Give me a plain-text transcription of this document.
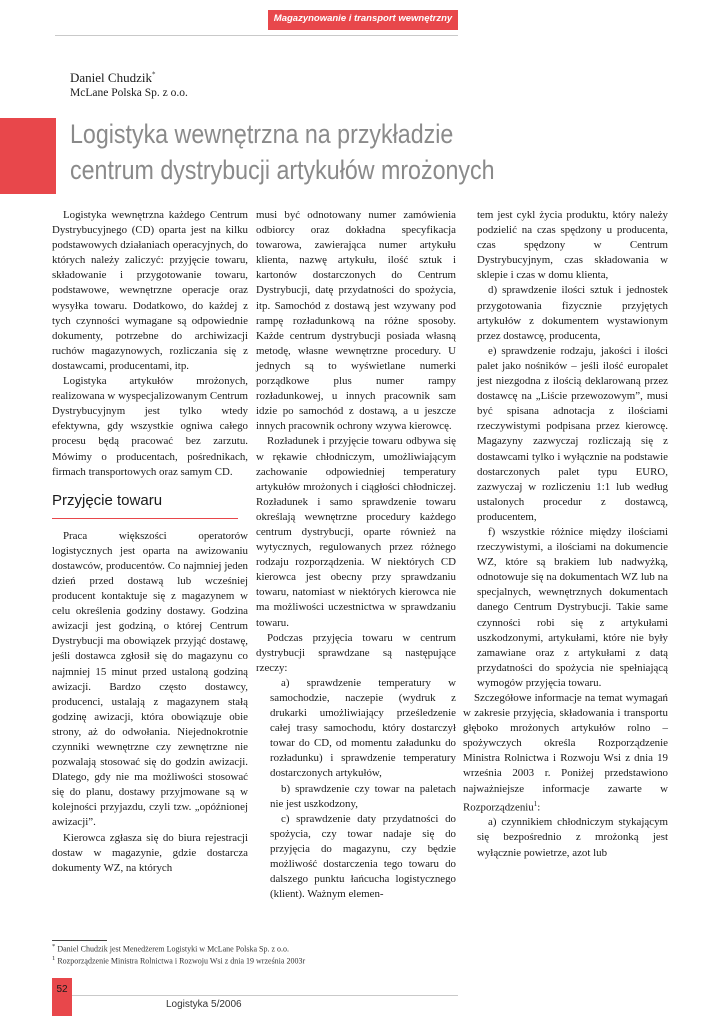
Magazynowanie i transport wewnętrzny
Daniel Chudzik*
McLane Polska Sp. z o.o.
Logistyka wewnętrzna na przykładzie
centrum dystrybucji artykułów mrożonych

Logistyka wewnętrzna każdego Centrum Dystrybucyjnego (CD) oparta jest na kilku podstawowych działaniach operacyjnych, do których należy zaliczyć: przyjęcie towaru, składowanie i przygotowanie towaru, podstawowe, wewnętrzne operacje oraz wysyłka towaru. Dodatkowo, do każdej z tych czynności wymagane są odpowiednie dokumenty, potrzebne do archiwizacji ruchów magazynowych, rozliczania się z dostawcami, producentami, itp.

Logistyka artykułów mrożonych, realizowana w wyspecjalizowanym Centrum Dystrybucyjnym jest tylko wtedy efektywna, gdy wszystkie ogniwa całego procesu będą pracować bez zarzutu. Mówimy o producentach, pośrednikach, firmach transportowych oraz samym CD.

Przyjęcie towaru

Praca większości operatorów logistycznych jest oparta na awizowaniu dostawców, producentów. Co najmniej jeden dzień przed dostawą lub wcześniej producent kontaktuje się z magazynem w celu określenia godziny dostawy. Godzina awizacji jest godziną, o której Centrum Dystrybucji ma obowiązek przyjąć dostawę, jeśli dostawca zgłosił się do magazynu co najmniej 15 minut przed ustaloną godziną awizacji. Bardzo często dostawcy, producenci, ustalają z magazynem stałą godzinę awizacji, która obowiązuje obie strony, aż do odwołania. Niejednokrotnie czynniki wewnętrzne czy zewnętrzne nie pozwalają stosować się do godzin awizacji. Dlatego, gdy nie ma możliwości stosować się do planu, dostawy przyjmowane są w kolejności przyjazdu, czyli tzw. „opóźnionej awizacji”.

Kierowca zgłasza się do biura rejestracji dostaw w magazynie, gdzie dostarcza dokumenty WZ, na których

musi być odnotowany numer zamówienia odbiorcy oraz dokładna specyfikacja towarowa, zawierająca numer artykułu klienta, nazwę artykułu, ilość sztuk i kartonów dostarczonych do Centrum Dystrybucji, datę przydatności do spożycia, itp. Samochód z dostawą jest wzywany pod rampę rozładunkową na różne sposoby. Każde centrum dystrybucji posiada własną metodę, własne wewnętrzne procedury. U jednych są to wyświetlane numerki porządkowe plus numer rampy rozładunkowej, u innych pracownik sam idzie po samochód z dostawą, a u jeszcze innych pracownik ochrony wzywa kierowcę.

Rozładunek i przyjęcie towaru odbywa się w rękawie chłodniczym, umożliwiającym zachowanie odpowiedniej temperatury artykułów mrożonych i ciągłości chłodniczej. Rozładunek i samo sprawdzenie towaru określają wewnętrzne procedury każdego centrum dystrybucji, oparte również na wytycznych, regulowanych przez różnego rodzaju rozporządzenia. W niektórych CD kierowca jest obecny przy sprawdzaniu towaru, natomiast w niektórych kierowca nie ma możliwości uczestnictwa w sprawdzaniu towaru.

Podczas przyjęcia towaru w centrum dystrybucji sprawdzane są następujące rzeczy:

a) sprawdzenie temperatury w samochodzie, naczepie (wydruk z drukarki umożliwiający prześledzenie całej trasy samochodu, który dostarczył towar do CD, od momentu załadunku do rozładunku) i sprawdzenie temperatury dostarczonych artykułów,

b) sprawdzenie czy towar na paletach nie jest uszkodzony,

c) sprawdzenie daty przydatności do spożycia, czy towar nadaje się do przyjęcia do magazynu, czy będzie możliwość dostarczenia tego towaru do dalszego punktu łańcucha logistycznego (klient). Ważnym elemen-

tem jest cykl życia produktu, który należy podzielić na czas spędzony u producenta, czas spędzony w Centrum Dystrybucyjnym, czas składowania w sklepie i czas w domu klienta,

d) sprawdzenie ilości sztuk i jednostek przygotowania fizycznie przyjętych artykułów z dokumentem wystawionym przez dostawcę, producenta,

e) sprawdzenie rodzaju, jakości i ilości palet jako nośników – jeśli ilość europalet jest niezgodna z ilością deklarowaną przez dostawcę na „Liście przewozowym”, musi być spisana adnotacja z ilościami rzeczywistymi podpisana przez kierowcę. Magazyny zazwyczaj rozliczają się z dostawcami tylko i wyłącznie na podstawie dostarczonych palet typu EURO, zazwyczaj w rozliczeniu 1:1 lub według ustalonych procedur z dostawcą, producentem,

f) wszystkie różnice między ilościami rzeczywistymi, a ilościami na dokumencie WZ, które są brakiem lub nadwyżką, odnotowuje się na dokumentach WZ lub na specjalnych, wewnętrznych dokumentach danego Centrum Dystrybucji. Takie same czynności robi się z artykułami uszkodzonymi, artykułami, które nie były zamawiane oraz z artykułami z datą przydatności do spożycia nie spełniającą wymogów przyjęcia towaru.

Szczegółowe informacje na temat wymagań w zakresie przyjęcia, składowania i transportu głęboko mrożonych artykułów rolno – spożywczych określa Rozporządzenie Ministra Rolnictwa i Rozwoju Wsi z dnia 19 września 2003 r. Poniżej przedstawiono najważniejsze informacje zawarte w Rozporządzeniu$^1$:

a) czynnikiem chłodniczym stykającym się bezpośrednio z mrożonką jest wyłącznie powietrze, azot lub

* Daniel Chudzik jest Menedżerem Logistyki w McLane Polska Sp. z o.o.
$^1$ Rozporządzenie Ministra Rolnictwa i Rozwoju Wsi z dnia 19 września 2003r
52
Logistyka 5/2006
